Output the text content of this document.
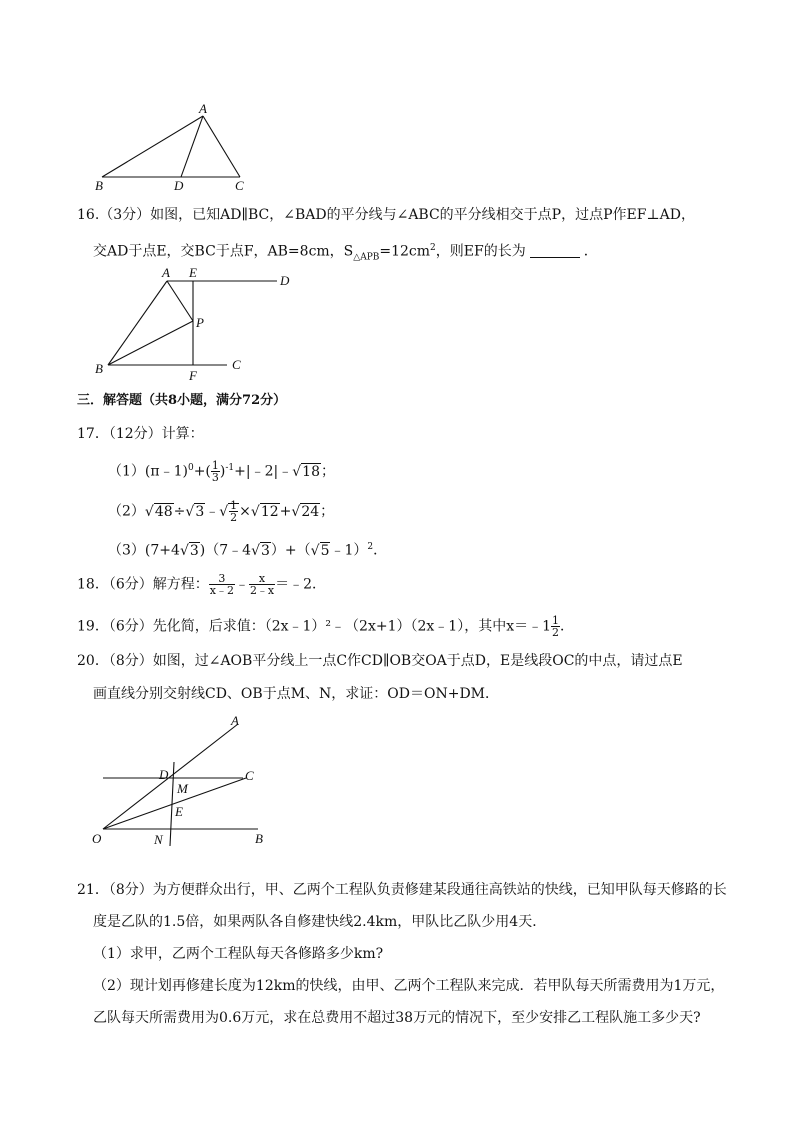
A
B	D	C
16.（3分）如图，已知AD∥BC，∠BAD的平分线与∠ABC的平分线相交于点P，过点P作EF⊥AD，
交AD于点E，交BC于点F，AB=8cm，$S_{\triangle APB}=12cm^2$，则EF的长为	．
A E
D
P
B	F
C
三．解答题（共8小题，满分72分）
17．（12分）计算：
（1）(π﹣1)$^0$+( $\frac{1}{3}$ )$^{-1}$+|﹣2|﹣ √ 18；
（2） √ 48÷ √ 3﹣ √ $\frac{1}{2}$ × √ 12+ √ 24；
（3）(7+4 √ 3)（7﹣4 √ 3）+（ √ 5﹣1）$^2$．
18．（6分）解方程： $\frac{3}{x﹣2}$ ﹣ $\frac{x}{2﹣x}$ ＝﹣2．
19．（6分）先化简，后求值：（2x﹣1）²﹣（2x+1）（2x﹣1），其中x＝﹣1 $\frac{1}{2}$ ．
20．（8分）如图，过∠AOB平分线上一点C作CD∥OB交OA于点D，E是线段OC的中点，请过点E
画直线分别交射线CD、OB于点M、N，求证：OD＝ON+DM．
A
D	C
M
E
O	N	B
21．（8分）为方便群众出行，甲、乙两个工程队负责修建某段通往高铁站的快线，已知甲队每天修路的长
度是乙队的1.5倍，如果两队各自修建快线2.4km，甲队比乙队少用4天．
（1）求甲，乙两个工程队每天各修路多少km?
（2）现计划再修建长度为12km的快线，由甲、乙两个工程队来完成．若甲队每天所需费用为1万元，
乙队每天所需费用为0.6万元，求在总费用不超过38万元的情况下，至少安排乙工程队施工多少天?
